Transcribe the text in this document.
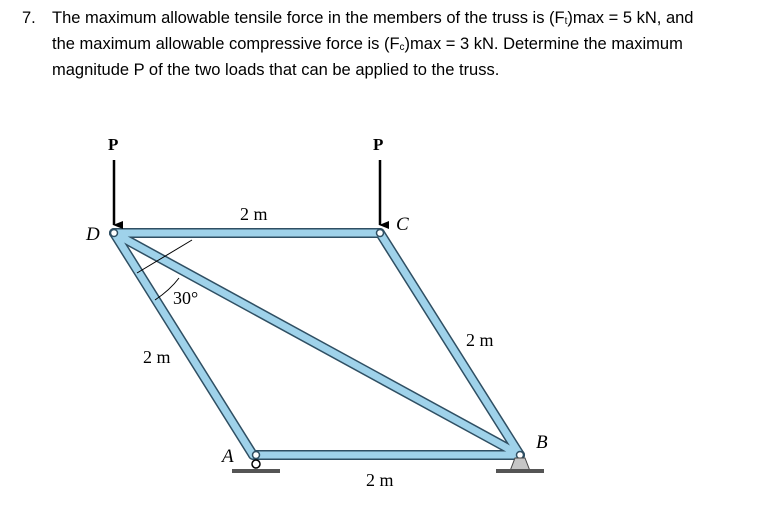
7. The maximum allowable tensile force in the members of the truss is $(F_t)\max = 5$ kN, and
the maximum allowable compressive force is $(F_c)\max = 3$ kN. Determine the maximum
magnitude P of the two loads that can be applied to the truss.
P	P
D	C
A
B
30°
2 m
2 m
2 m
2 m
